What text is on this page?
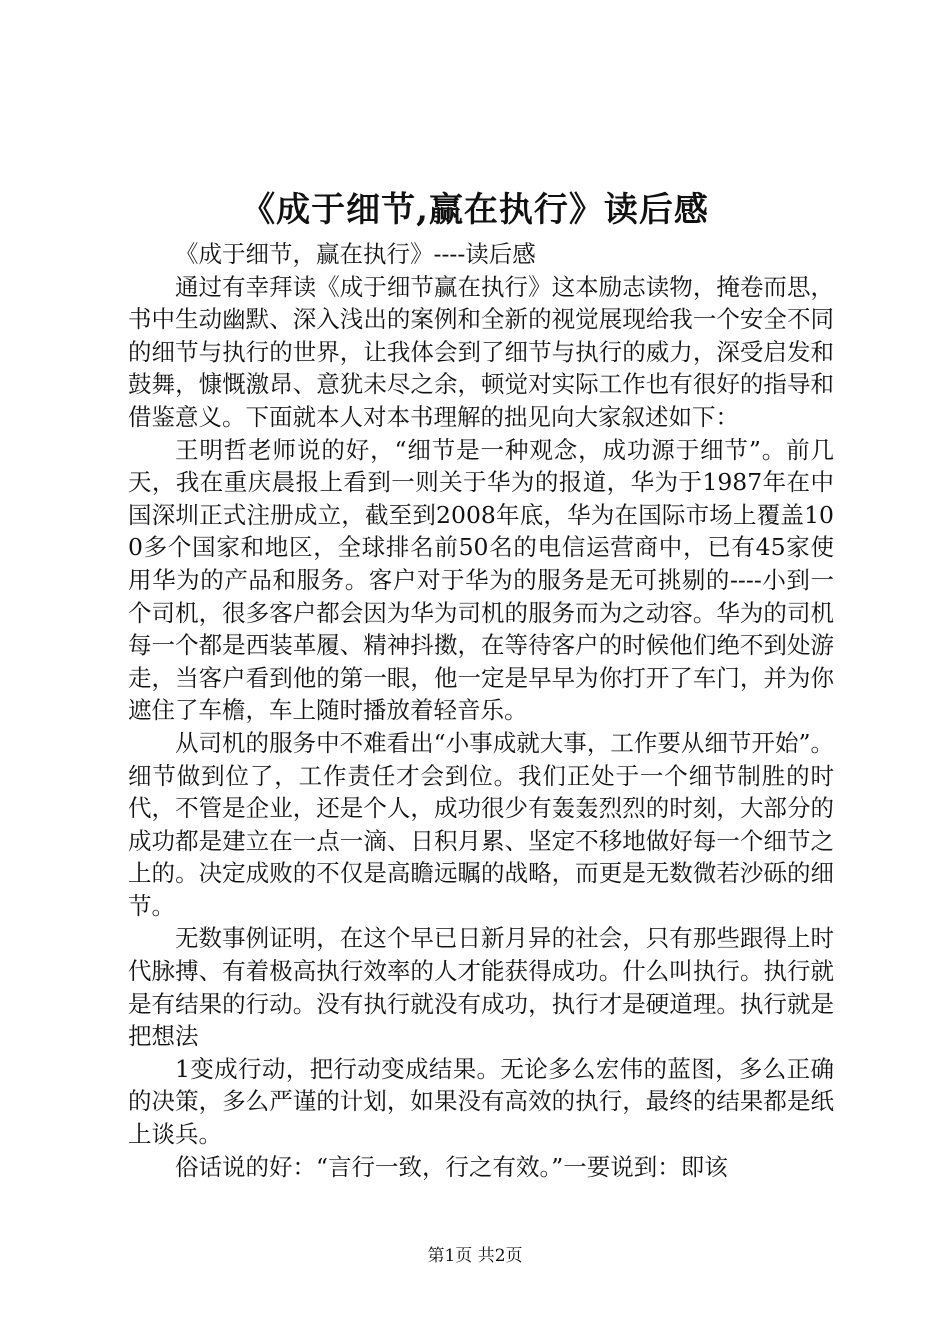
《成于细节,赢在执行》读后感

《成于细节，赢在执行》----读后感

通过有幸拜读《成于细节赢在执行》这本励志读物，掩卷而思，书中生动幽默、深入浅出的案例和全新的视觉展现给我一个安全不同的细节与执行的世界，让我体会到了细节与执行的威力，深受启发和鼓舞，慷慨激昂、意犹未尽之余，顿觉对实际工作也有很好的指导和借鉴意义。下面就本人对本书理解的拙见向大家叙述如下：

王明哲老师说的好，“细节是一种观念，成功源于细节”。前几天，我在重庆晨报上看到一则关于华为的报道，华为于1987年在中国深圳正式注册成立，截至到2008年底，华为在国际市场上覆盖100多个国家和地区，全球排名前50名的电信运营商中，已有45家使用华为的产品和服务。客户对于华为的服务是无可挑剔的----小到一个司机，很多客户都会因为华为司机的服务而为之动容。华为的司机每一个都是西装革履、精神抖擞，在等待客户的时候他们绝不到处游走，当客户看到他的第一眼，他一定是早早为你打开了车门，并为你遮住了车檐，车上随时播放着轻音乐。

从司机的服务中不难看出“小事成就大事，工作要从细节开始”。细节做到位了，工作责任才会到位。我们正处于一个细节制胜的时代，不管是企业，还是个人，成功很少有轰轰烈烈的时刻，大部分的成功都是建立在一点一滴、日积月累、坚定不移地做好每一个细节之上的。决定成败的不仅是高瞻远瞩的战略，而更是无数微若沙砾的细节。

无数事例证明，在这个早已日新月异的社会，只有那些跟得上时代脉搏、有着极高执行效率的人才能获得成功。什么叫执行。执行就是有结果的行动。没有执行就没有成功，执行才是硬道理。执行就是把想法

1变成行动，把行动变成结果。无论多么宏伟的蓝图，多么正确的决策，多么严谨的计划，如果没有高效的执行，最终的结果都是纸上谈兵。

俗话说的好：“言行一致，行之有效。”一要说到：即该

第1页 共2页
